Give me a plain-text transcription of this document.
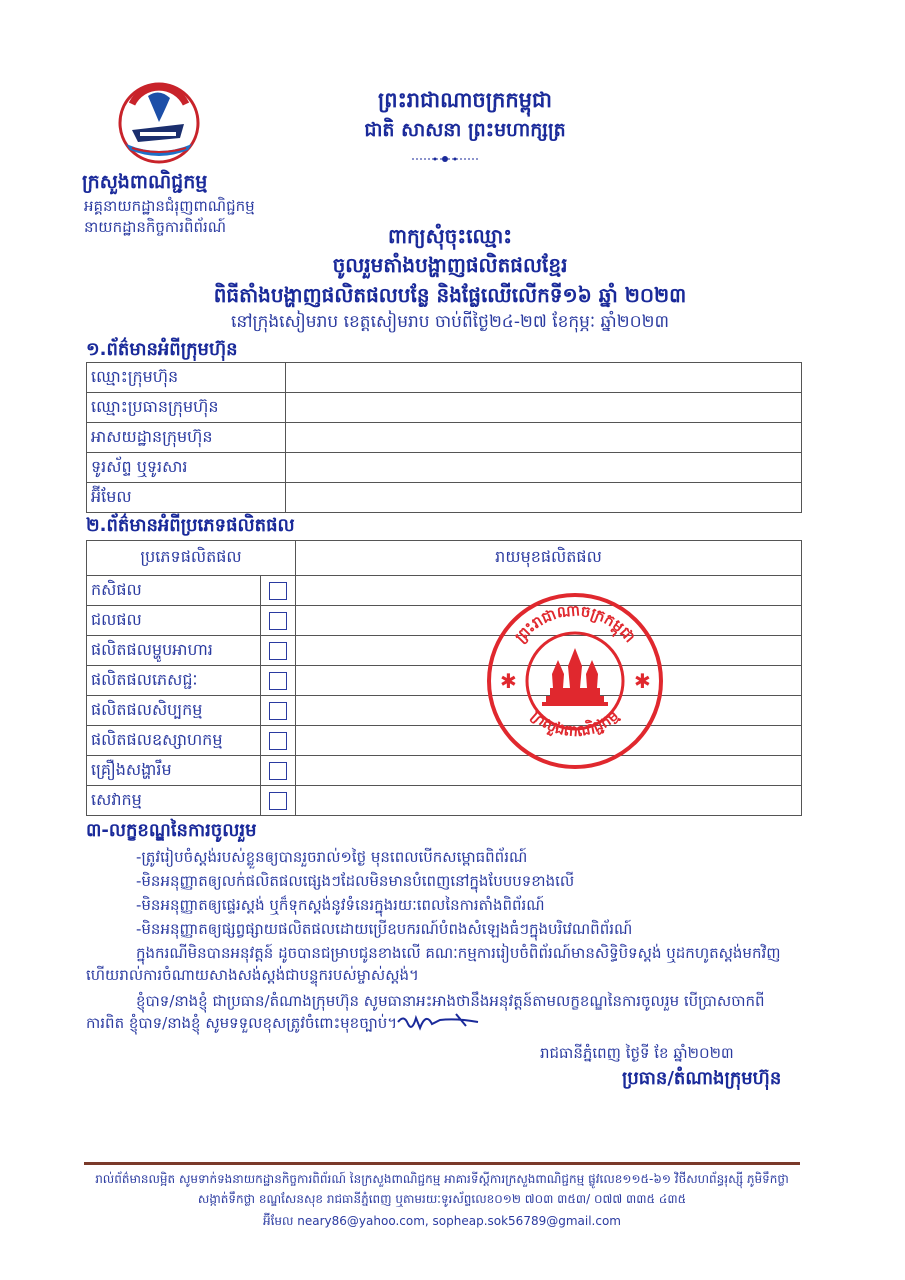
ក្រសួងពាណិជ្ជកម្ម
អគ្គនាយកដ្ឋានជំរុញពាណិជ្ជកម្ម
នាយកដ្ឋានកិច្ចការពិព័រណ៍
ព្រះរាជាណាចក្រកម្ពុជា
ជាតិ សាសនា ព្រះមហាក្សត្រ
ពាក្យសុំចុះឈ្មោះ
ចូលរួមតាំងបង្ហាញផលិតផលខ្មែរ
ពិធីតាំងបង្ហាញផលិតផលបន្លែ និងផ្លែឈើលើកទី១៦ ឆ្នាំ ២០២៣
នៅក្រុងសៀមរាប ខេត្តសៀមរាប ចាប់ពីថ្ងៃ២៤-២៧ ខែកុម្ភៈ ឆ្នាំ២០២៣
១.ព័ត៌មានអំពីក្រុមហ៊ុន
ឈ្មោះក្រុមហ៊ុន	
ឈ្មោះប្រធានក្រុមហ៊ុន	
អាសយដ្ឋានក្រុមហ៊ុន	
ទូរស័ព្ទ ឬទូរសារ	
អ៊ីមែល	
២.ព័ត៌មានអំពីប្រភេទផលិតផល
ប្រភេទផលិតផល		រាយមុខផលិតផល
កសិផល		
ជលផល		
ផលិតផលម្ហូបអាហារ		
ផលិតផលភេសជ្ជៈ		
ផលិតផលសិប្បកម្ម		
ផលិតផលឧស្សាហកម្ម		
គ្រឿងសង្ហារឹម		
សេវាកម្ម		
ព្រះរាជាណាចក្រកម្ពុជា
ក្រសួងពាណិជ្ជកម្ម
✱	✱
៣-លក្ខខណ្ឌនៃការចូលរួម
-ត្រូវរៀបចំស្តង់របស់ខ្លួនឲ្យបានរួចរាល់១ថ្ងៃ មុនពេលបើកសម្ពោធពិព័រណ៍
-មិនអនុញ្ញាតឲ្យលក់ផលិតផលផ្សេងៗដែលមិនមានបំពេញនៅក្នុងបែបបទខាងលើ
-មិនអនុញ្ញាតឲ្យផ្ទេរស្តង់ ឬក៏ទុកស្តង់នូវទំនេរក្នុងរយៈពេលនៃការតាំងពិព័រណ៍
-មិនអនុញ្ញាតឲ្យផ្សព្វផ្សាយផលិតផលដោយប្រើឧបករណ៍បំពងសំឡេងធំៗក្នុងបរិវេណពិព័រណ៍
ក្នុងករណីមិនបានអនុវត្តន៍ ដូចបានជម្រាបជូនខាងលើ គណៈកម្មការរៀបចំពិព័រណ៍មានសិទ្ធិបិទស្តង់ ឬដកហូតស្តង់មកវិញ
ហើយរាល់ការចំណាយសាងសង់ស្តង់ជាបន្ទុករបស់ម្ចាស់ស្តង់។
ខ្ញុំបាទ/នាងខ្ញុំ ជាប្រធាន/តំណាងក្រុមហ៊ុន សូមធានាអះអាងថានឹងអនុវត្តន៍តាមលក្ខខណ្ឌនៃការចូលរួម បើប្រាសចាកពី
ការពិត ខ្ញុំបាទ/នាងខ្ញុំ សូមទទួលខុសត្រូវចំពោះមុខច្បាប់។
រាជធានីភ្នំពេញ ថ្ងៃទី ខែ ឆ្នាំ២០២៣
ប្រធាន/តំណាងក្រុមហ៊ុន
រាល់ព័ត៌មានលម្អិត សូមទាក់ទងនាយកដ្ឋានកិច្ចការពិព័រណ៍ នៃក្រសួងពាណិជ្ជកម្ម អាគារទីស្តីការក្រសួងពាណិជ្ជកម្ម ផ្លូវលេខ១១៥-៦១ វិថីសហព័ន្ធរុស្ស៊ី ភូមិទឹកថ្លា
សង្កាត់ទឹកថ្លា ខណ្ឌសែនសុខ រាជធានីភ្នំពេញ ឬតាមរយៈទូរស័ព្ទលេខ០១២ ៧០៣ ៣៥៣/ ០៧៧ ៣៣៥ ៤៣៥
អ៊ីមែល neary86@yahoo.com, sopheap.sok56789@gmail.com
